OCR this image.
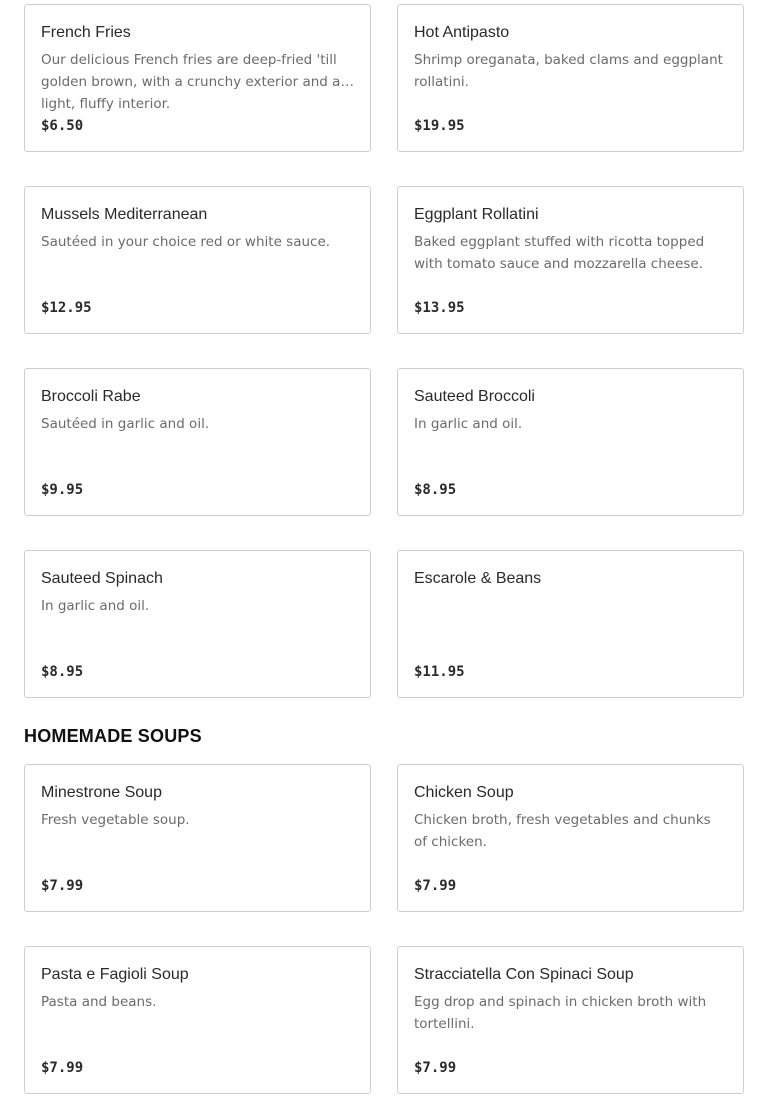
French Fries
Our delicious French fries are deep-fried 'till golden brown, with a crunchy exterior and a light, fluffy interior.
$6.50
Hot Antipasto
Shrimp oreganata, baked clams and eggplant rollatini.
$19.95
Mussels Mediterranean
Sautéed in your choice red or white sauce.
$12.95
Eggplant Rollatini
Baked eggplant stuffed with ricotta topped with tomato sauce and mozzarella cheese.
$13.95
Broccoli Rabe
Sautéed in garlic and oil.
$9.95
Sauteed Broccoli
In garlic and oil.
$8.95
Sauteed Spinach
In garlic and oil.
$8.95
Escarole & Beans
$11.95
HOMEMADE SOUPS
Minestrone Soup
Fresh vegetable soup.
$7.99
Chicken Soup
Chicken broth, fresh vegetables and chunks of chicken.
$7.99
Pasta e Fagioli Soup
Pasta and beans.
$7.99
Stracciatella Con Spinaci Soup
Egg drop and spinach in chicken broth with tortellini.
$7.99
